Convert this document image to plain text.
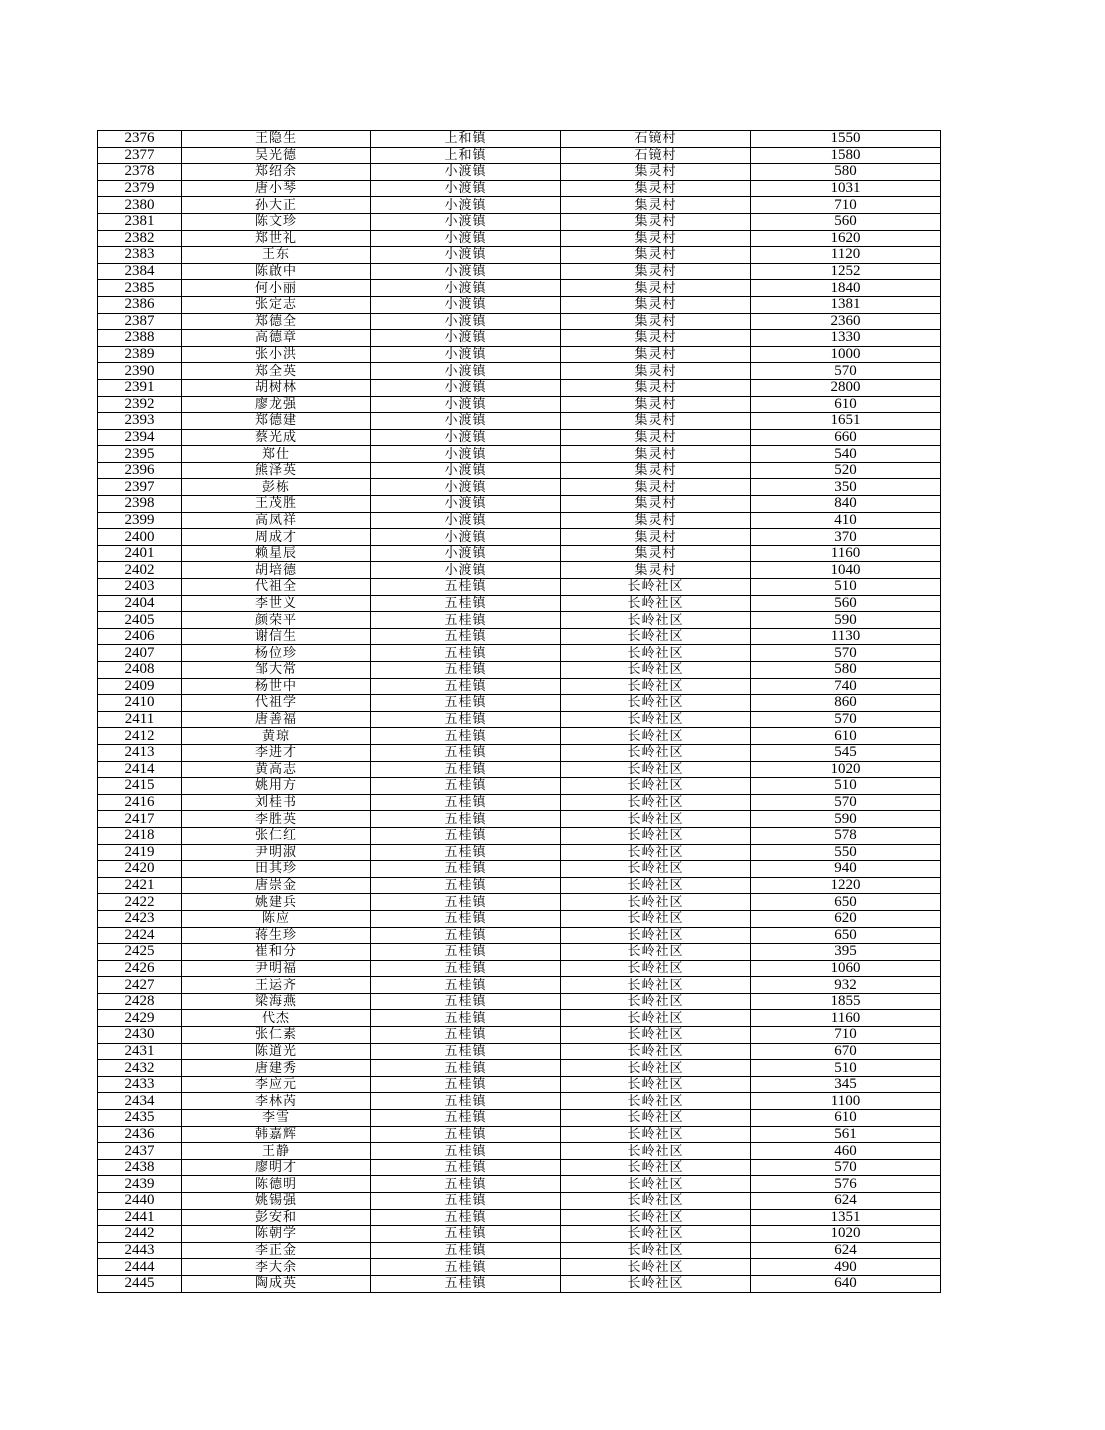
2376	王隐生	上和镇	石镜村	1550
2377	吴光德	上和镇	石镜村	1580
2378	郑绍余	小渡镇	集灵村	580
2379	唐小琴	小渡镇	集灵村	1031
2380	孙大正	小渡镇	集灵村	710
2381	陈文珍	小渡镇	集灵村	560
2382	郑世礼	小渡镇	集灵村	1620
2383	王东	小渡镇	集灵村	1120
2384	陈啟中	小渡镇	集灵村	1252
2385	何小丽	小渡镇	集灵村	1840
2386	张定志	小渡镇	集灵村	1381
2387	郑德全	小渡镇	集灵村	2360
2388	高德章	小渡镇	集灵村	1330
2389	张小洪	小渡镇	集灵村	1000
2390	郑全英	小渡镇	集灵村	570
2391	胡树林	小渡镇	集灵村	2800
2392	廖龙强	小渡镇	集灵村	610
2393	郑德建	小渡镇	集灵村	1651
2394	蔡光成	小渡镇	集灵村	660
2395	郑仕	小渡镇	集灵村	540
2396	熊泽英	小渡镇	集灵村	520
2397	彭栋	小渡镇	集灵村	350
2398	王茂胜	小渡镇	集灵村	840
2399	高凤祥	小渡镇	集灵村	410
2400	周成才	小渡镇	集灵村	370
2401	赖星辰	小渡镇	集灵村	1160
2402	胡培德	小渡镇	集灵村	1040
2403	代祖全	五桂镇	长岭社区	510
2404	李世义	五桂镇	长岭社区	560
2405	颜荣平	五桂镇	长岭社区	590
2406	谢信生	五桂镇	长岭社区	1130
2407	杨位珍	五桂镇	长岭社区	570
2408	邹大常	五桂镇	长岭社区	580
2409	杨世中	五桂镇	长岭社区	740
2410	代祖学	五桂镇	长岭社区	860
2411	唐善福	五桂镇	长岭社区	570
2412	黄琼	五桂镇	长岭社区	610
2413	李进才	五桂镇	长岭社区	545
2414	黄高志	五桂镇	长岭社区	1020
2415	姚用方	五桂镇	长岭社区	510
2416	刘桂书	五桂镇	长岭社区	570
2417	李胜英	五桂镇	长岭社区	590
2418	张仁红	五桂镇	长岭社区	578
2419	尹明淑	五桂镇	长岭社区	550
2420	田其珍	五桂镇	长岭社区	940
2421	唐崇金	五桂镇	长岭社区	1220
2422	姚建兵	五桂镇	长岭社区	650
2423	陈应	五桂镇	长岭社区	620
2424	蒋生珍	五桂镇	长岭社区	650
2425	崔和分	五桂镇	长岭社区	395
2426	尹明福	五桂镇	长岭社区	1060
2427	王运齐	五桂镇	长岭社区	932
2428	梁海燕	五桂镇	长岭社区	1855
2429	代杰	五桂镇	长岭社区	1160
2430	张仁素	五桂镇	长岭社区	710
2431	陈道光	五桂镇	长岭社区	670
2432	唐建秀	五桂镇	长岭社区	510
2433	李应元	五桂镇	长岭社区	345
2434	李林芮	五桂镇	长岭社区	1100
2435	李雪	五桂镇	长岭社区	610
2436	韩嘉辉	五桂镇	长岭社区	561
2437	王静	五桂镇	长岭社区	460
2438	廖明才	五桂镇	长岭社区	570
2439	陈德明	五桂镇	长岭社区	576
2440	姚锡强	五桂镇	长岭社区	624
2441	彭安和	五桂镇	长岭社区	1351
2442	陈朝学	五桂镇	长岭社区	1020
2443	李正金	五桂镇	长岭社区	624
2444	李大余	五桂镇	长岭社区	490
2445	陶成英	五桂镇	长岭社区	640
